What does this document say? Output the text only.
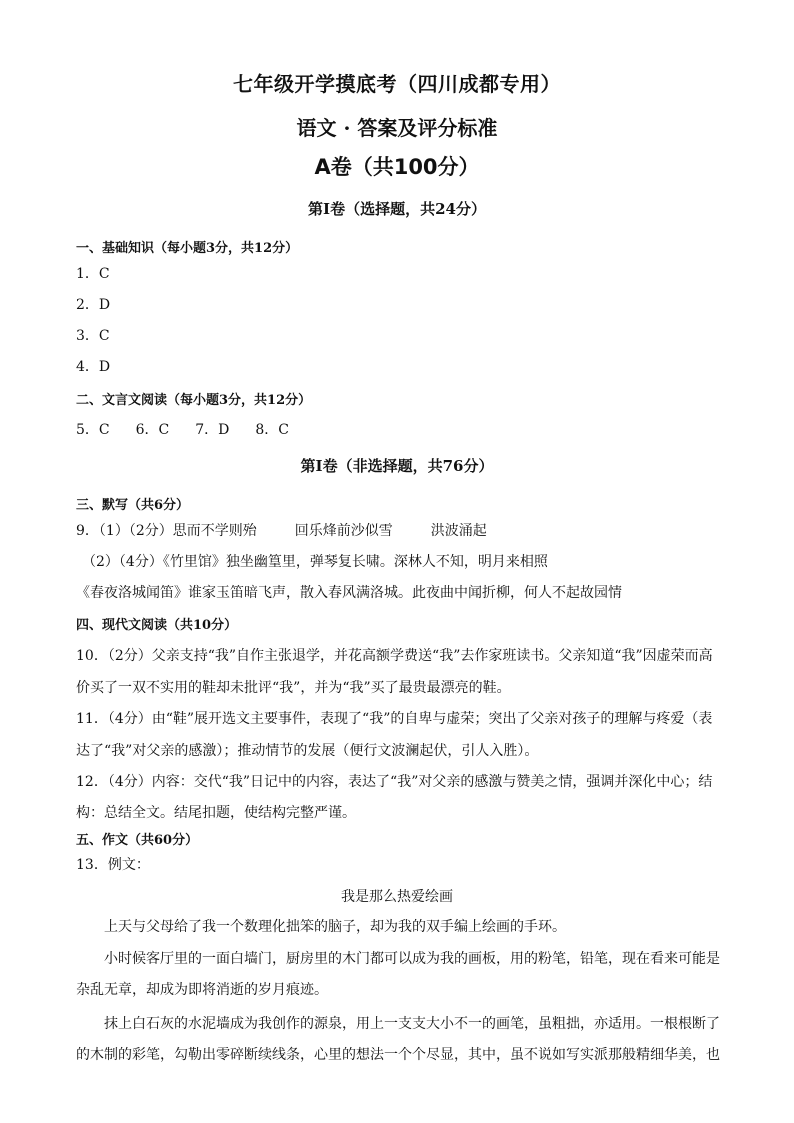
七年级开学摸底考（四川成都专用）
语文 · 答案及评分标准
A卷（共100分）
第I卷（选择题，共24分）
一、基础知识（每小题3分，共12分）
1．C
2．D
3．C
4．D
二、文言文阅读（每小题3分，共12分）
5．C 6．C 7．D 8．C
第I卷（非选择题，共76分）
三、默写（共6分）
9．（1）（2分）思而不学则殆	回乐烽前沙似雪	洪波涌起
（2）（4分）《竹里馆》独坐幽篁里，弹琴复长啸。深林人不知，明月来相照
《春夜洛城闻笛》谁家玉笛暗飞声，散入春风满洛城。此夜曲中闻折柳，何人不起故园情
四、现代文阅读（共10分）
10．（2分）父亲支持“我”自作主张退学，并花高额学费送“我”去作家班读书。父亲知道“我”因虚荣而高
价买了一双不实用的鞋却未批评“我”，并为“我”买了最贵最漂亮的鞋。
11．（4分）由“鞋”展开选文主要事件，表现了“我”的自卑与虚荣；突出了父亲对孩子的理解与疼爱（表
达了“我”对父亲的感激）；推动情节的发展（便行文波澜起伏，引人入胜）。
12．（4分）内容：交代“我”日记中的内容，表达了“我”对父亲的感激与赞美之情，强调并深化中心；结
构：总结全文。结尾扣题，使结构完整严谨。
五、作文（共60分）
13．例文：
我是那么热爱绘画
上天与父母给了我一个数理化拙笨的脑子，却为我的双手编上绘画的手环。
小时候客厅里的一面白墙门，厨房里的木门都可以成为我的画板，用的粉笔，铅笔，现在看来可能是
杂乱无章，却成为即将消逝的岁月痕迹。
抹上白石灰的水泥墙成为我创作的源泉，用上一支支大小不一的画笔，虽粗拙，亦适用。一根根断了
的木制的彩笔，勾勒出零碎断续线条，心里的想法一个个尽显，其中，虽不说如写实派那般精细华美，也
